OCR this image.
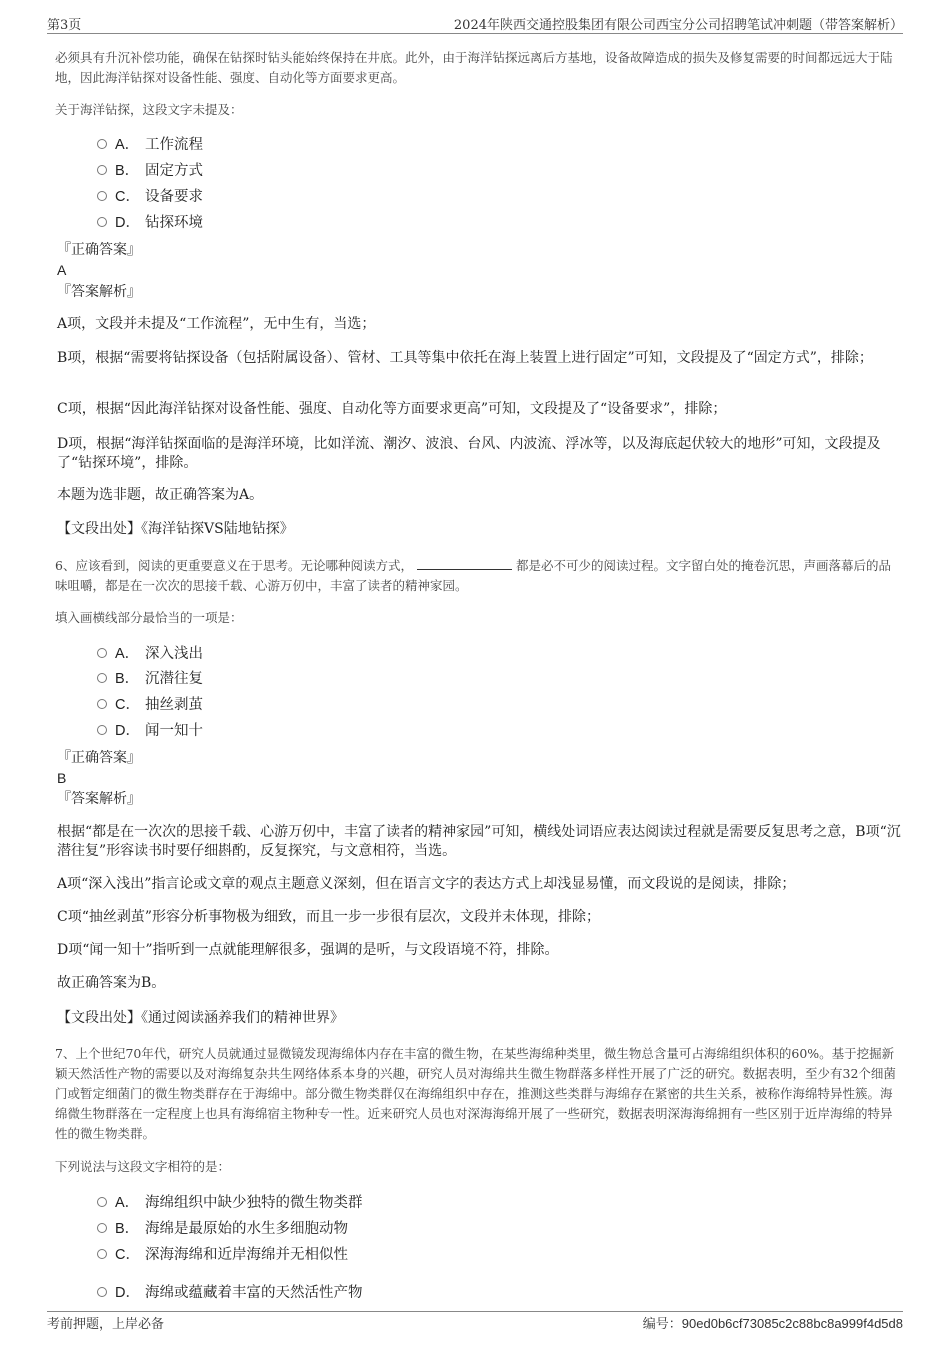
第3页	2024年陕西交通控股集团有限公司西宝分公司招聘笔试冲刺题（带答案解析）

必须具有升沉补偿功能，确保在钻探时钻头能始终保持在井底。此外，由于海洋钻探远离后方基地，设备故障造成的损失及修复需要的时间都远远大于陆地，因此海洋钻探对设备性能、强度、自动化等方面要求更高。

关于海洋钻探，这段文字未提及：

A． 工作流程
B． 固定方式
C． 设备要求
D． 钻探环境

『正确答案』

A

『答案解析』

A项，文段并未提及“工作流程”，无中生有，当选；

B项，根据“需要将钻探设备（包括附属设备）、管材、工具等集中依托在海上装置上进行固定”可知，文段提及了“固定方式”，排除；

C项，根据“因此海洋钻探对设备性能、强度、自动化等方面要求更高”可知，文段提及了“设备要求”，排除；

D项，根据“海洋钻探面临的是海洋环境，比如洋流、潮汐、波浪、台风、内波流、浮冰等，以及海底起伏较大的地形”可知，文段提及了“钻探环境”，排除。

本题为选非题，故正确答案为A。

【文段出处】《海洋钻探VS陆地钻探》

6、应该看到，阅读的更重要意义在于思考。无论哪种阅读方式，	都是必不可少的阅读过程。文字留白处的掩卷沉思，声画落幕后的品味咀嚼，都是在一次次的思接千载、心游万仞中，丰富了读者的精神家园。

填入画横线部分最恰当的一项是：

A． 深入浅出
B． 沉潜往复
C． 抽丝剥茧
D． 闻一知十

『正确答案』

B

『答案解析』

根据“都是在一次次的思接千载、心游万仞中，丰富了读者的精神家园”可知，横线处词语应表达阅读过程就是需要反复思考之意，B项“沉潜往复”形容读书时要仔细斟酌，反复探究，与文意相符，当选。

A项“深入浅出”指言论或文章的观点主题意义深刻，但在语言文字的表达方式上却浅显易懂，而文段说的是阅读，排除；

C项“抽丝剥茧”形容分析事物极为细致，而且一步一步很有层次，文段并未体现，排除；

D项“闻一知十”指听到一点就能理解很多，强调的是听，与文段语境不符，排除。

故正确答案为B。

【文段出处】《通过阅读涵养我们的精神世界》

7、上个世纪70年代，研究人员就通过显微镜发现海绵体内存在丰富的微生物，在某些海绵种类里，微生物总含量可占海绵组织体积的60%。基于挖掘新颖天然活性产物的需要以及对海绵复杂共生网络体系本身的兴趣，研究人员对海绵共生微生物群落多样性开展了广泛的研究。数据表明，至少有32个细菌门或暂定细菌门的微生物类群存在于海绵中。部分微生物类群仅在海绵组织中存在，推测这些类群与海绵存在紧密的共生关系，被称作海绵特异性簇。海绵微生物群落在一定程度上也具有海绵宿主物种专一性。近来研究人员也对深海海绵开展了一些研究，数据表明深海海绵拥有一些区别于近岸海绵的特异性的微生物类群。

下列说法与这段文字相符的是：

A． 海绵组织中缺少独特的微生物类群
B． 海绵是最原始的水生多细胞动物
C． 深海海绵和近岸海绵并无相似性
D． 海绵或蕴藏着丰富的天然活性产物
考前押题，上岸必备	编号：90ed0b6cf73085c2c88bc8a999f4d5d8
